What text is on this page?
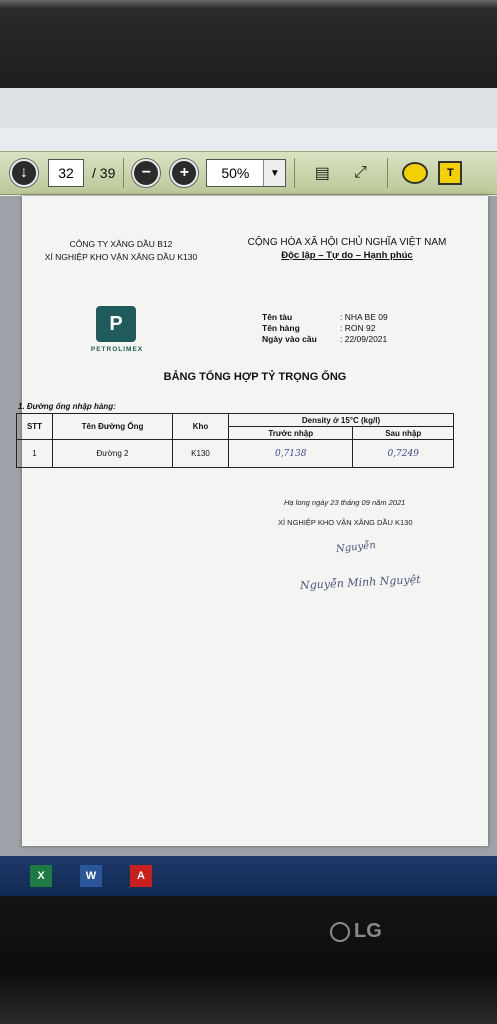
↓ 32 / 39 − +	50%	▼	▤	⤢	T
CÔNG TY XĂNG DẦU B12
XÍ NGHIỆP KHO VẬN XĂNG DẦU K130
CỘNG HÒA XÃ HỘI CHỦ NGHĨA VIỆT NAM
Độc lập – Tự do – Hạnh phúc
P
PETROLIMEX
Tên tàu	: NHA BE 09
Tên hàng	: RON 92
Ngày vào cầu	: 22/09/2021
BẢNG TỔNG HỢP TỶ TRỌNG ỐNG
1. Đường ống nhập hàng:
STT	Tên Đường Ống	Kho	Density ở 15°C (kg/l)	
			Trước nhập	Sau nhập
1	Đường 2	K130	0,7138	0,7249
Hạ long ngày 23 tháng 09 năm 2021
XÍ NGHIỆP KHO VẬN XĂNG DẦU K130
Nguyễn
Nguyễn Minh Nguyệt
X	W	A
LG
